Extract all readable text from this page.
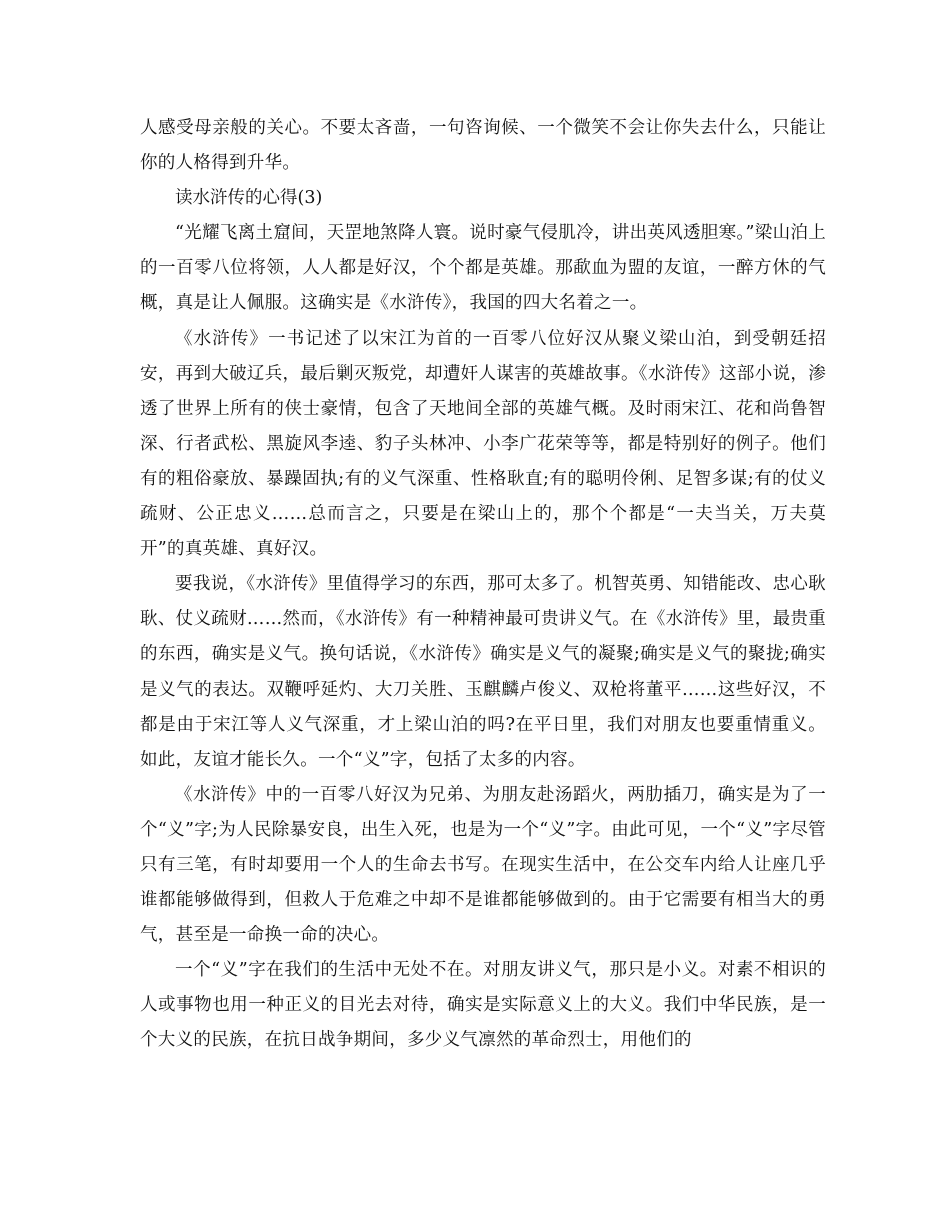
人感受母亲般的关心。不要太吝啬，一句咨询候、一个微笑不会让你失去什么，只能让你的人格得到升华。

读水浒传的心得(3)

“光耀飞离土窟间，天罡地煞降人寰。说时豪气侵肌冷，讲出英风透胆寒。”梁山泊上的一百零八位将领，人人都是好汉，个个都是英雄。那歃血为盟的友谊，一醉方休的气概，真是让人佩服。这确实是《水浒传》，我国的四大名着之一。

《水浒传》一书记述了以宋江为首的一百零八位好汉从聚义梁山泊，到受朝廷招安，再到大破辽兵，最后剿灭叛党，却遭奸人谋害的英雄故事。《水浒传》这部小说，渗透了世界上所有的侠士豪情，包含了天地间全部的英雄气概。及时雨宋江、花和尚鲁智深、行者武松、黑旋风李逵、豹子头林冲、小李广花荣等等，都是特别好的例子。他们有的粗俗豪放、暴躁固执;有的义气深重、性格耿直;有的聪明伶俐、足智多谋;有的仗义疏财、公正忠义……总而言之，只要是在梁山上的，那个个都是“一夫当关，万夫莫开”的真英雄、真好汉。

要我说，《水浒传》里值得学习的东西，那可太多了。机智英勇、知错能改、忠心耿耿、仗义疏财……然而，《水浒传》有一种精神最可贵讲义气。在《水浒传》里，最贵重的东西，确实是义气。换句话说，《水浒传》确实是义气的凝聚;确实是义气的聚拢;确实是义气的表达。双鞭呼延灼、大刀关胜、玉麒麟卢俊义、双枪将董平……这些好汉，不都是由于宋江等人义气深重，才上梁山泊的吗?在平日里，我们对朋友也要重情重义。如此，友谊才能长久。一个“义”字，包括了太多的内容。

《水浒传》中的一百零八好汉为兄弟、为朋友赴汤蹈火，两肋插刀，确实是为了一个“义”字;为人民除暴安良，出生入死，也是为一个“义”字。由此可见，一个“义”字尽管只有三笔，有时却要用一个人的生命去书写。在现实生活中，在公交车内给人让座几乎谁都能够做得到，但救人于危难之中却不是谁都能够做到的。由于它需要有相当大的勇气，甚至是一命换一命的决心。

一个“义”字在我们的生活中无处不在。对朋友讲义气，那只是小义。对素不相识的人或事物也用一种正义的目光去对待，确实是实际意义上的大义。我们中华民族，是一个大义的民族，在抗日战争期间，多少义气凛然的革命烈士，用他们的
